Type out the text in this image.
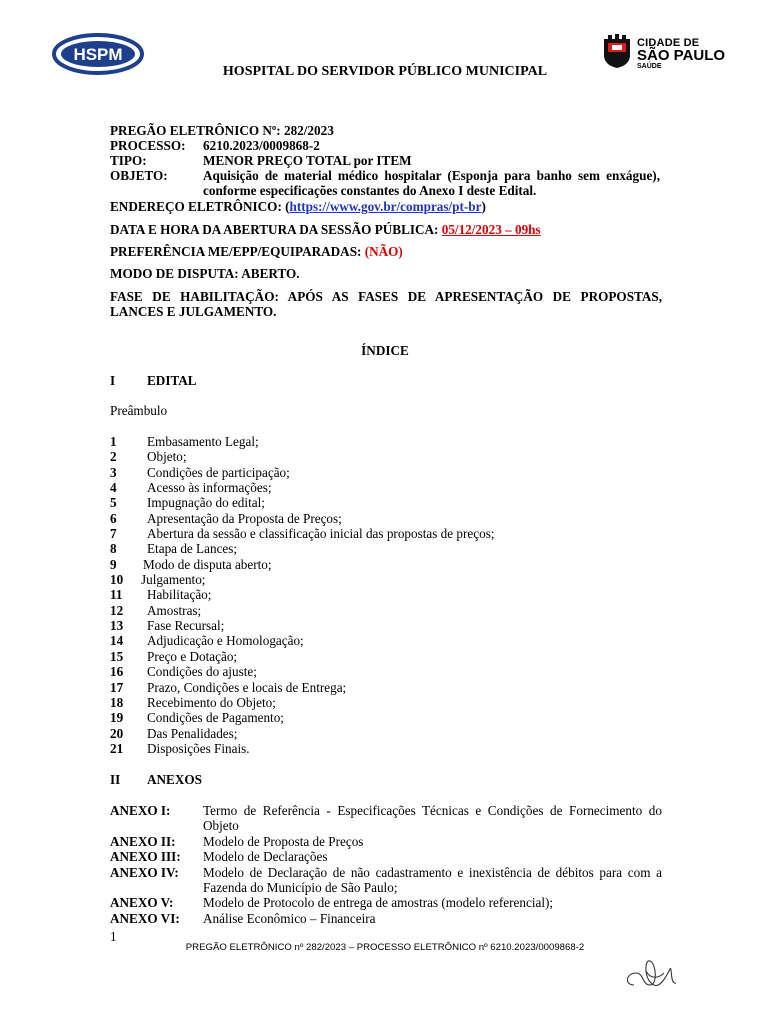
HSPM
CIDADE DE
SÃO PAULO
SAÚDE
HOSPITAL DO SERVIDOR PÚBLICO MUNICIPAL
PREGÃO ELETRÔNICO Nº: 282/2023
PROCESSO: 6210.2023/0009868-2
TIPO:	MENOR PREÇO TOTAL por ITEM
OBJETO:	Aquisição de material médico hospitalar (Esponja para banho sem enxágue), conforme especificações constantes do Anexo I deste Edital.
ENDEREÇO ELETRÔNICO: (https://www.gov.br/compras/pt-br)
DATA E HORA DA ABERTURA DA SESSÃO PÚBLICA: 05/12/2023 – 09hs
PREFERÊNCIA ME/EPP/EQUIPARADAS: (NÃO)
MODO DE DISPUTA: ABERTO.
FASE DE HABILITAÇÃO: APÓS AS FASES DE APRESENTAÇÃO DE PROPOSTAS, LANCES E JULGAMENTO.
ÍNDICE
I EDITAL
Preâmbulo
1 Embasamento Legal;
2 Objeto;
3 Condições de participação;
4 Acesso às informações;
5 Impugnação do edital;
6 Apresentação da Proposta de Preços;
7 Abertura da sessão e classificação inicial das propostas de preços;
8 Etapa de Lances;
9 Modo de disputa aberto;
10 Julgamento;
11 Habilitação;
12 Amostras;
13 Fase Recursal;
14 Adjudicação e Homologação;
15 Preço e Dotação;
16 Condições do ajuste;
17 Prazo, Condições e locais de Entrega;
18 Recebimento do Objeto;
19 Condições de Pagamento;
20 Das Penalidades;
21 Disposições Finais.
II ANEXOS
ANEXO I: Termo de Referência - Especificações Técnicas e Condições de Fornecimento do Objeto
ANEXO II: Modelo de Proposta de Preços
ANEXO III: Modelo de Declarações
ANEXO IV: Modelo de Declaração de não cadastramento e inexistência de débitos para com a Fazenda do Município de São Paulo;
ANEXO V: Modelo de Protocolo de entrega de amostras (modelo referencial);
ANEXO VI: Análise Econômico – Financeira
1
PREGÃO ELETRÔNICO nº 282/2023 – PROCESSO ELETRÔNICO nº 6210.2023/0009868-2
